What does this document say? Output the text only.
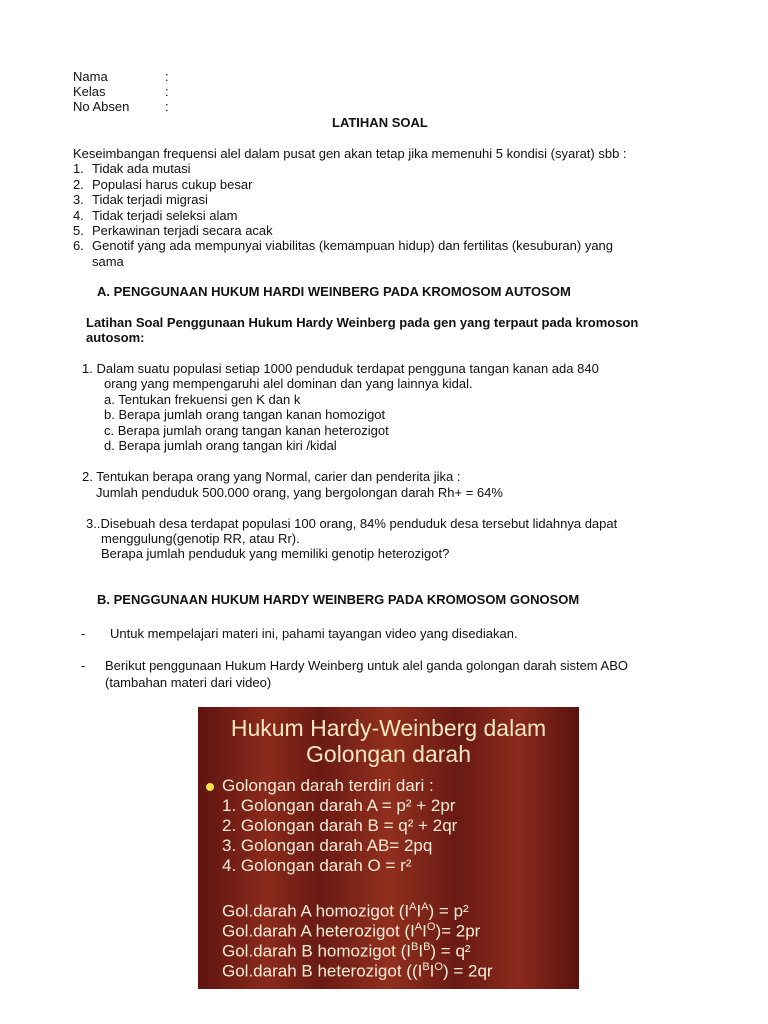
Nama	:
Kelas	:
No Absen	:
LATIHAN SOAL
Keseimbangan frequensi alel dalam pusat gen akan tetap jika memenuhi 5 kondisi (syarat) sbb :
1. Tidak ada mutasi
2. Populasi harus cukup besar
3. Tidak terjadi migrasi
4. Tidak terjadi seleksi alam
5. Perkawinan terjadi secara acak
6. Genotif yang ada mempunyai viabilitas (kemampuan hidup) dan fertilitas (kesuburan) yang
sama
A. PENGGUNAAN HUKUM HARDI WEINBERG PADA KROMOSOM AUTOSOM
Latihan Soal Penggunaan Hukum Hardy Weinberg pada gen yang terpaut pada kromoson
autosom:
1. Dalam suatu populasi setiap 1000 penduduk terdapat pengguna tangan kanan ada 840
orang yang mempengaruhi alel dominan dan yang lainnya kidal.
a. Tentukan frekuensi gen K dan k
b. Berapa jumlah orang tangan kanan homozigot
c. Berapa jumlah orang tangan kanan heterozigot
d. Berapa jumlah orang tangan kiri /kidal
2. Tentukan berapa orang yang Normal, carier dan penderita jika :
Jumlah penduduk 500.000 orang, yang bergolongan darah Rh+ = 64%
3..Disebuah desa terdapat populasi 100 orang, 84% penduduk desa tersebut lidahnya dapat
menggulung(genotip RR, atau Rr).
Berapa jumlah penduduk yang memiliki genotip heterozigot?
B. PENGGUNAAN HUKUM HARDY WEINBERG PADA KROMOSOM GONOSOM
- Untuk mempelajari materi ini, pahami tayangan video yang disediakan.
- Berikut penggunaan Hukum Hardy Weinberg untuk alel ganda golongan darah sistem ABO
(tambahan materi dari video)
Hukum Hardy-Weinberg dalam
Golongan darah
Golongan darah terdiri dari :
1. Golongan darah A = p² + 2pr
2. Golongan darah B = q² + 2qr
3. Golongan darah AB= 2pq
4. Golongan darah O = r²
Gol.darah A homozigot $(I^AI^A) = p^2$
Gol.darah A heterozigot $(I^AI^O)= 2pr$
Gol.darah B homozigot $(I^BI^B) = q^2$
Gol.darah B heterozigot ($(I^BI^O) = 2qr$
